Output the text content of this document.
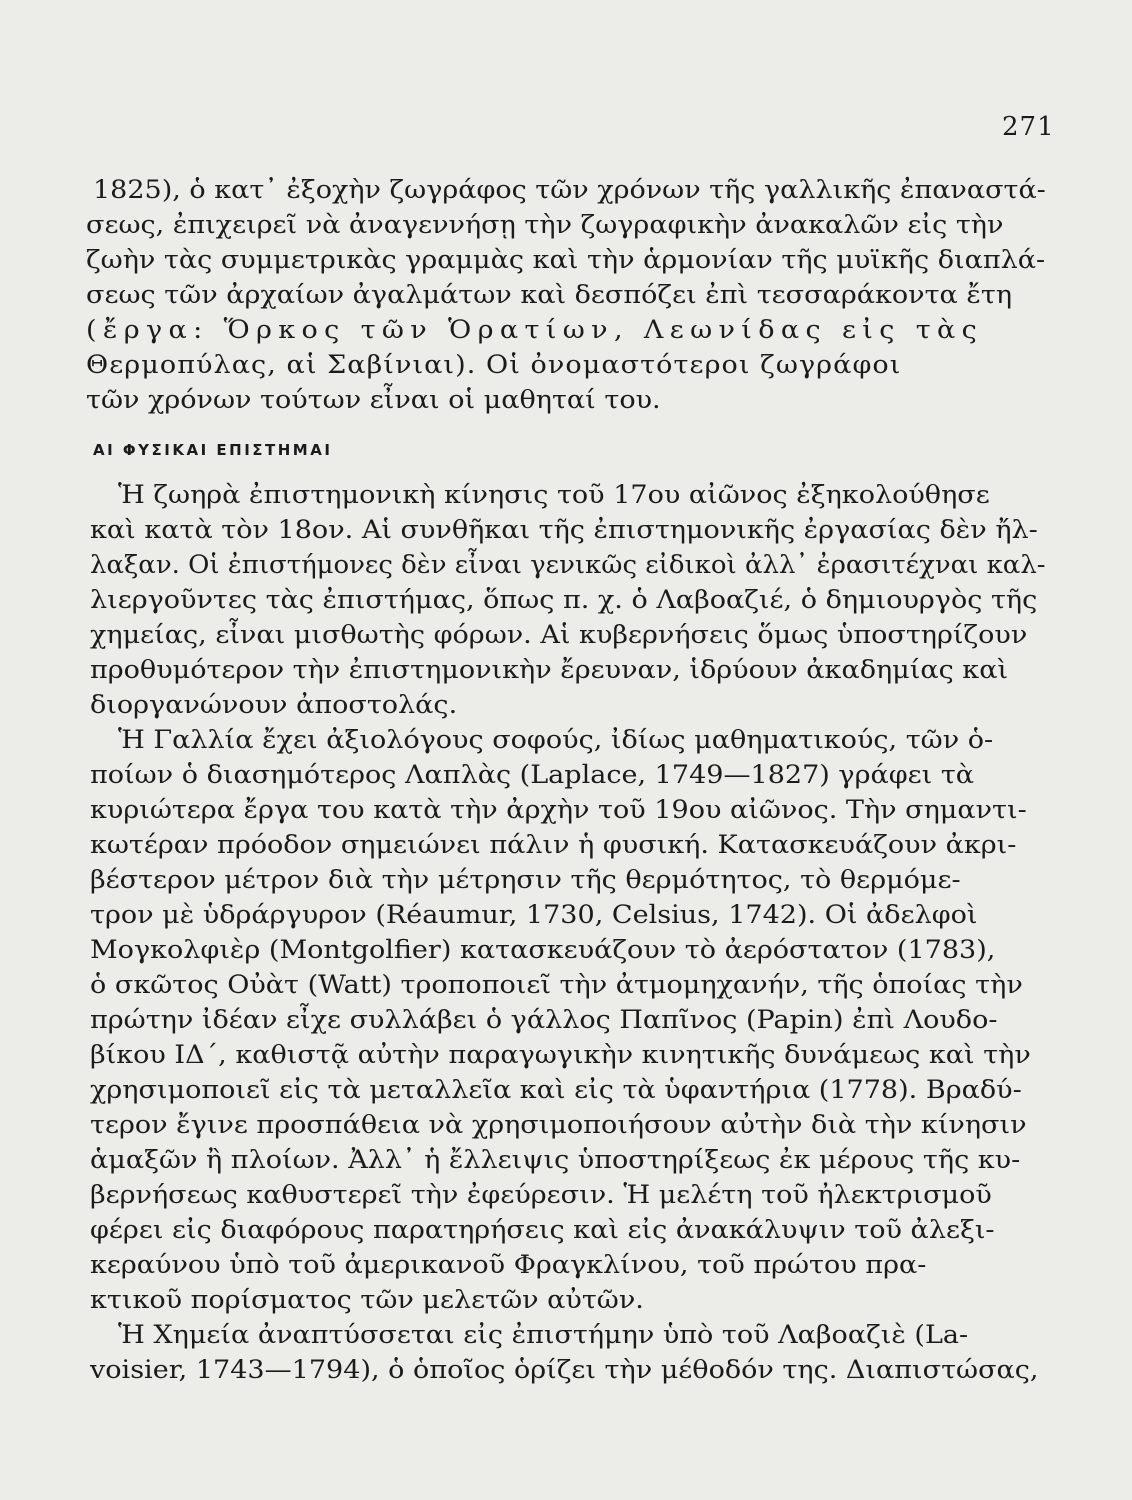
271
1825), ὁ κατ᾿ ἐξοχὴν ζωγράφος τῶν χρόνων τῆς γαλλικῆς ἐπαναστά-
σεως, ἐπιχειρεῖ νὰ ἀναγεννήσῃ τὴν ζωγραφικὴν ἀνακαλῶν εἰς τὴν
ζωὴν τὰς συμμετρικὰς γραμμὰς καὶ τὴν ἁρμονίαν τῆς μυϊκῆς διαπλά-
σεως τῶν ἀρχαίων ἀγαλμάτων καὶ δεσπόζει ἐπὶ τεσσαράκοντα ἔτη
(ἔργα: Ὅρκος τῶν Ὁρατίων, Λεωνίδας εἰς τὰς
Θερμοπύλας, αἱ Σαβίνιαι). Οἱ ὀνομαστότεροι ζωγράφοι
τῶν χρόνων τούτων εἶναι οἱ μαθηταί του.
ΑΙ ΦΥΣΙΚΑΙ ΕΠΙΣΤΗΜΑΙ
Ἡ ζωηρὰ ἐπιστημονικὴ κίνησις τοῦ 17ου αἰῶνος ἐξηκολούθησε
καὶ κατὰ τὸν 18ον. Αἱ συνθῆκαι τῆς ἐπιστημονικῆς ἐργασίας δὲν ἤλ-
λαξαν. Οἱ ἐπιστήμονες δὲν εἶναι γενικῶς εἰδικοὶ ἀλλ᾿ ἐρασιτέχναι καλ-
λιεργοῦντες τὰς ἐπιστήμας, ὅπως π. χ. ὁ Λαβοαζιέ, ὁ δημιουργὸς τῆς
χημείας, εἶναι μισθωτὴς φόρων. Αἱ κυβερνήσεις ὅμως ὑποστηρίζουν
προθυμότερον τὴν ἐπιστημονικὴν ἔρευναν, ἱδρύουν ἀκαδημίας καὶ
διοργανώνουν ἀποστολάς.
Ἡ Γαλλία ἔχει ἀξιολόγους σοφούς, ἰδίως μαθηματικούς, τῶν ὁ-
ποίων ὁ διασημότερος Λαπλὰς (Laplace, 1749—1827) γράφει τὰ
κυριώτερα ἔργα του κατὰ τὴν ἀρχὴν τοῦ 19ου αἰῶνος. Τὴν σημαντι-
κωτέραν πρόοδον σημειώνει πάλιν ἡ φυσική. Κατασκευάζουν ἀκρι-
βέστερον μέτρον διὰ τὴν μέτρησιν τῆς θερμότητος, τὸ θερμόμε-
τρον μὲ ὑδράργυρον (Réaumur, 1730, Celsius, 1742). Οἱ ἀδελφοὶ
Μογκολφιὲρ (Montgolfier) κατασκευάζουν τὸ ἀερόστατον (1783),
ὁ σκῶτος Οὐὰτ (Watt) τροποποιεῖ τὴν ἀτμομηχανήν, τῆς ὁποίας τὴν
πρώτην ἰδέαν εἶχε συλλάβει ὁ γάλλος Παπῖνος (Papin) ἐπὶ Λουδο-
βίκου ΙΔ΄, καθιστᾷ αὐτὴν παραγωγικὴν κινητικῆς δυνάμεως καὶ τὴν
χρησιμοποιεῖ εἰς τὰ μεταλλεῖα καὶ εἰς τὰ ὑφαντήρια (1778). Βραδύ-
τερον ἔγινε προσπάθεια νὰ χρησιμοποιήσουν αὐτὴν διὰ τὴν κίνησιν
ἁμαξῶν ἢ πλοίων. Ἀλλ᾿ ἡ ἔλλειψις ὑποστηρίξεως ἐκ μέρους τῆς κυ-
βερνήσεως καθυστερεῖ τὴν ἐφεύρεσιν. Ἡ μελέτη τοῦ ἠλεκτρισμοῦ
φέρει εἰς διαφόρους παρατηρήσεις καὶ εἰς ἀνακάλυψιν τοῦ ἀλεξι-
κεραύνου ὑπὸ τοῦ ἀμερικανοῦ Φραγκλίνου, τοῦ πρώτου πρα-
κτικοῦ πορίσματος τῶν μελετῶν αὐτῶν.
Ἡ Χημεία ἀναπτύσσεται εἰς ἐπιστήμην ὑπὸ τοῦ Λαβοαζιὲ (La-
voisier, 1743—1794), ὁ ὁποῖος ὁρίζει τὴν μέθοδόν της. Διαπιστώσας,
